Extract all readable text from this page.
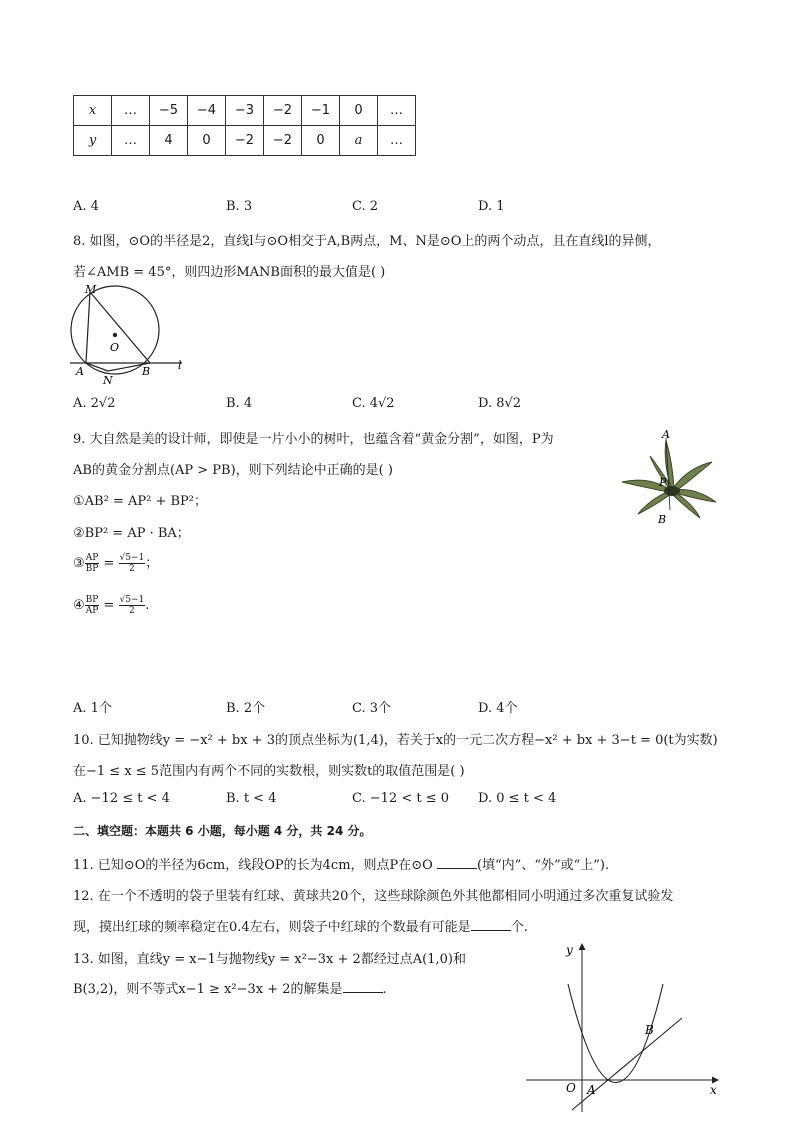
x	…	−5	−4	−3	−2	−1	0	…
y	…	4	0	−2	−2	0	a	…
A. 4	B. 3	C. 2	D. 1
8. 如图，⊙O的半径是2，直线l与⊙O相交于A,B两点，M、N是⊙O上的两个动点，且在直线l的异侧，
若∠AMB = 45°，则四边形MANB面积的最大值是( )
M
O
A
N
B	l
A. 2√2	B. 4	C. 4√2	D. 8√2
9. 大自然是美的设计师，即使是一片小小的树叶，也蕴含着“黄金分割”，如图，P为
AB的黄金分割点(AP > PB)，则下列结论中正确的是( )
①AB² = AP² + BP²；
②BP² = AP · BA；
③ $\frac{AP}{BP} = \frac{√5-1}{2}$ ；
④ $\frac{BP}{AP} = \frac{√5-1}{2}$ .
A
P
B
A. 1个	B. 2个	C. 3个	D. 4个
10. 已知抛物线y = −x² + bx + 3的顶点坐标为(1,4)，若关于x的一元二次方程−x² + bx + 3−t = 0(t为实数)
在−1 ≤ x ≤ 5范围内有两个不同的实数根，则实数t的取值范围是( )
A. −12 ≤ t < 4	B. t < 4	C. −12 < t ≤ 0 D. 0 ≤ t < 4
二、填空题：本题共 6 小题，每小题 4 分，共 24 分。
11. 已知⊙O的半径为6cm，线段OP的长为4cm，则点P在⊙O	(填“内”、“外”或“上”).
12. 在一个不透明的袋子里装有红球、黄球共20个，这些球除颜色外其他都相同小明通过多次重复试验发
现，摸出红球的频率稳定在0.4左右，则袋子中红球的个数最有可能是	个.
13. 如图，直线y = x−1与抛物线y = x²−3x + 2都经过点A(1,0)和
B(3,2)，则不等式x−1 ≥ x²−3x + 2的解集是	.
y
B
O A	x
